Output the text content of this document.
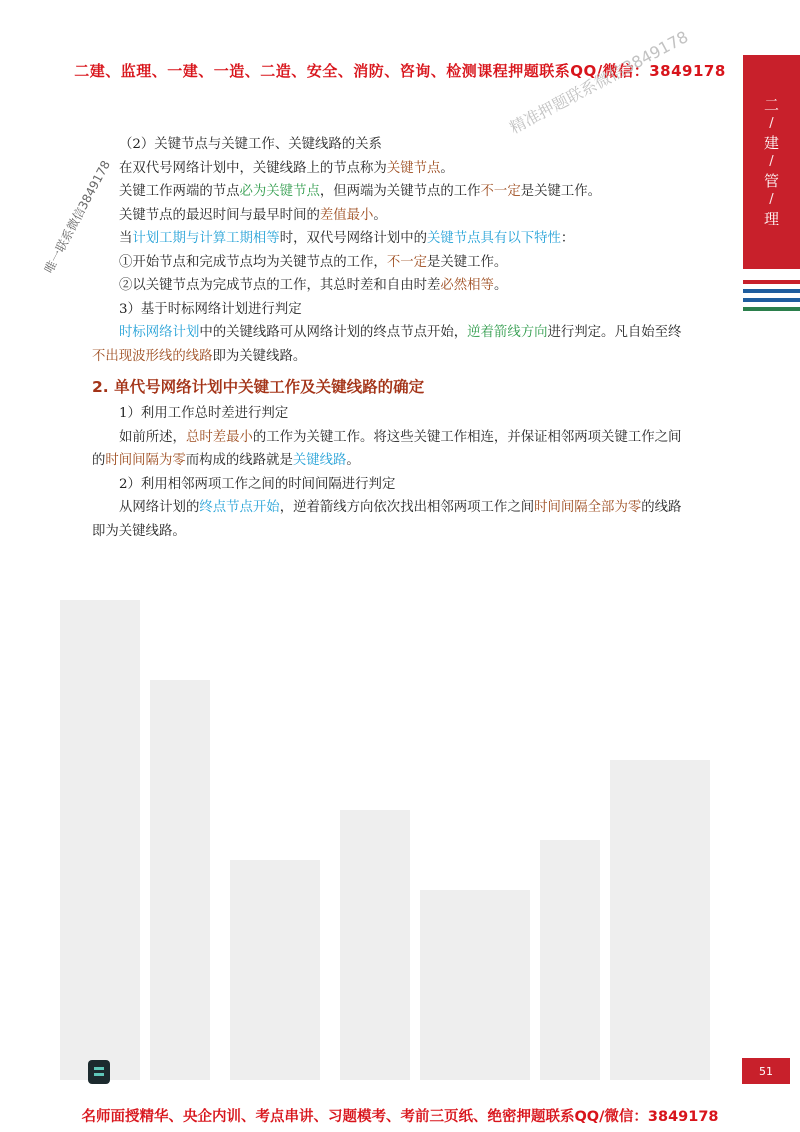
二建、监理、一建、一造、二造、安全、消防、咨询、检测课程押题联系QQ/微信：3849178
精准押题联系微信3849178
唯一联系微信3849178
二
/
建
/
管
/
理

（2）关键节点与关键工作、关键线路的关系

在双代号网络计划中，关键线路上的节点称为关键节点。

关键工作两端的节点必为关键节点，但两端为关键节点的工作不一定是关键工作。

关键节点的最迟时间与最早时间的差值最小。

当计划工期与计算工期相等时，双代号网络计划中的关键节点具有以下特性：

①开始节点和完成节点均为关键节点的工作，不一定是关键工作。

②以关键节点为完成节点的工作，其总时差和自由时差必然相等。

3）基于时标网络计划进行判定

时标网络计划中的关键线路可从网络计划的终点节点开始，逆着箭线方向进行判定。凡自始至终

不出现波形线的线路即为关键线路。

2. 单代号网络计划中关键工作及关键线路的确定

1）利用工作总时差进行判定

如前所述，总时差最小的工作为关键工作。将这些关键工作相连，并保证相邻两项关键工作之间

的时间间隔为零而构成的线路就是关键线路。

2）利用相邻两项工作之间的时间间隔进行判定

从网络计划的终点节点开始，逆着箭线方向依次找出相邻两项工作之间时间间隔全部为零的线路

即为关键线路。

51
名师面授精华、央企内训、考点串讲、习题模考、考前三页纸、绝密押题联系QQ/微信：3849178
